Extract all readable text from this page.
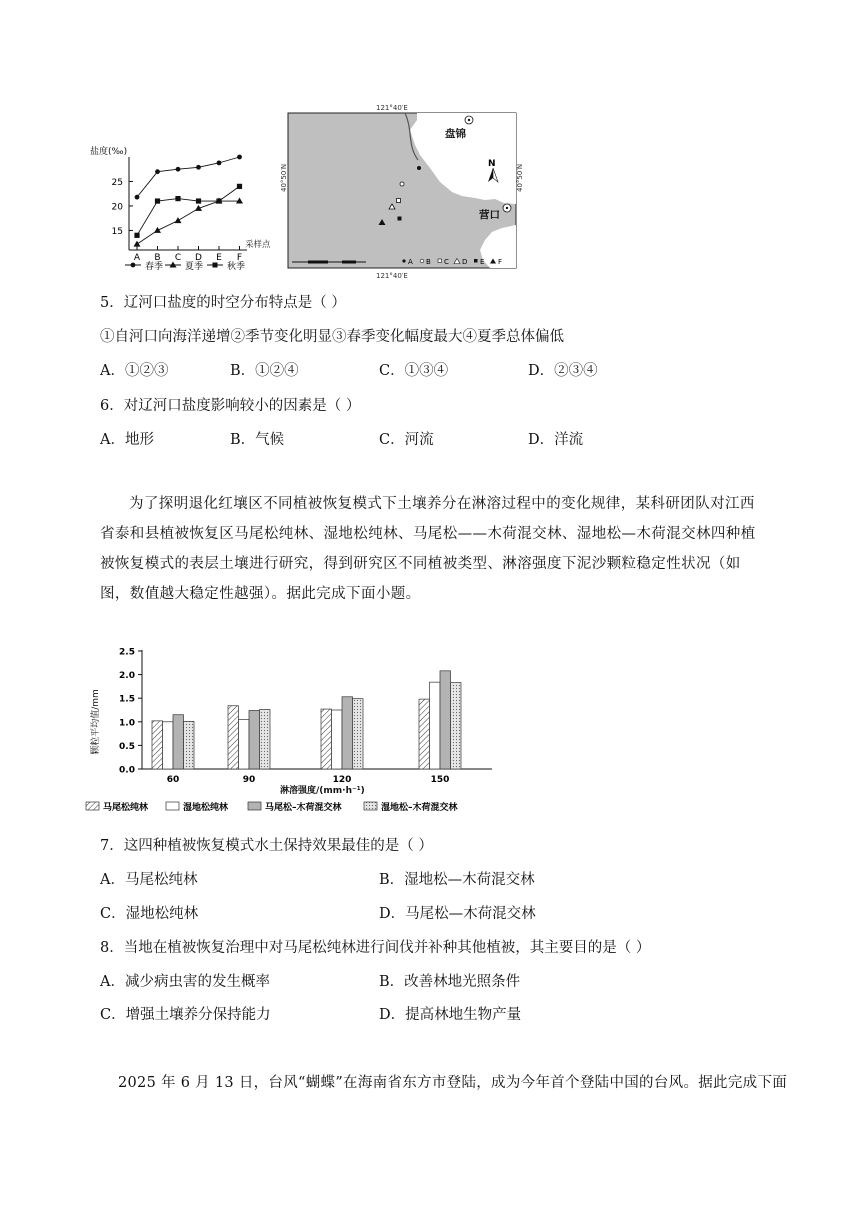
盐度(‰)
25
20
15
A B C D E F
采样点
春季 夏季	秋季
121°40′E
盘锦
营口
N
40°50′N	40°50′N
A B C D E F
121°40′E
5．辽河口盐度的时空分布特点是（ ）
①自河口向海洋递增②季节变化明显③春季变化幅度最大④夏季总体偏低
A．①②③	B．①②④	C．①③④	D．②③④
6．对辽河口盐度影响较小的因素是（ ）
A．地形	B．气候	C．河流	D．洋流
为了探明退化红壤区不同植被恢复模式下土壤养分在淋溶过程中的变化规律，某科研团队对江西省泰和县植被恢复区马尾松纯林、湿地松纯林、马尾松——木荷混交林、湿地松—木荷混交林四种植被恢复模式的表层土壤进行研究，得到研究区不同植被类型、淋溶强度下泥沙颗粒稳定性状况（如图，数值越大稳定性越强）。据此完成下面小题。
颗粒平均值/mm
2.5
2.0
1.5
1.0
0.5
0.0
60	90	120	150
淋溶强度/(mm·h⁻¹)
马尾松纯林	湿地松纯林	马尾松–木荷混交林	湿地松–木荷混交林
7．这四种植被恢复模式水土保持效果最佳的是（ ）
A．马尾松纯林	B．湿地松—木荷混交林
C．湿地松纯林	D．马尾松—木荷混交林
8．当地在植被恢复治理中对马尾松纯林进行间伐并补种其他植被，其主要目的是（ ）
A．减少病虫害的发生概率	B．改善林地光照条件
C．增强土壤养分保持能力	D．提高林地生物产量
2025 年 6 月 13 日，台风“蝴蝶”在海南省东方市登陆，成为今年首个登陆中国的台风。据此完成下面
